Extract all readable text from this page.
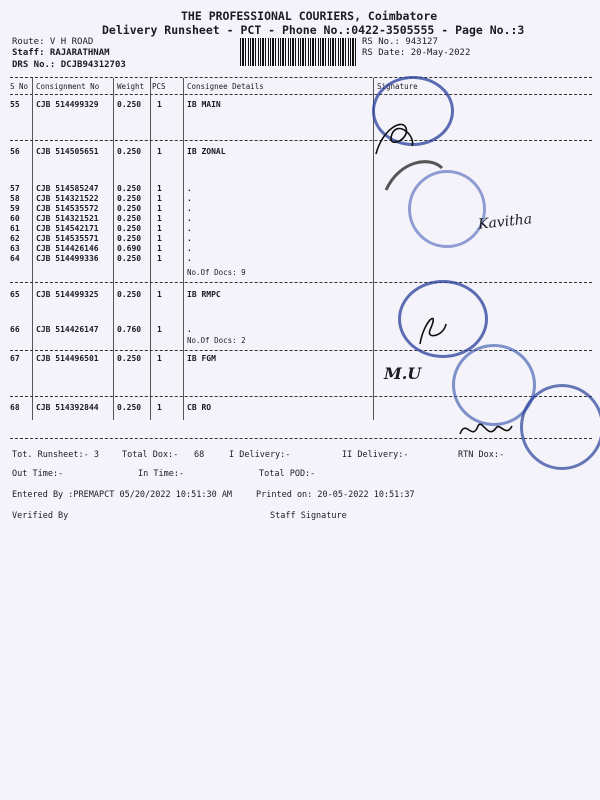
THE PROFESSIONAL COURIERS, Coimbatore
Delivery Runsheet - PCT - Phone No.:0422-3505555 - Page No.:3
Route: V H ROAD
Staff: RAJARATHNAM
DRS No.: DCJB94312703
RS No.: 943127
RS Date: 20-May-2022
S No Consignment No Weight PCS	Consignee Details	Signature
55 CJB 514499329 0.250 1	IB MAIN
56 CJB 514505651 0.250 1	IB ZONAL
57 CJB 514585247 0.250 1	.
58 CJB 514321522 0.250 1	.
59 CJB 514535572 0.250 1	.
60 CJB 514321521 0.250 1	.
61 CJB 514542171 0.250 1	.
62 CJB 514535571 0.250 1	.
63 CJB 514426146 0.690 1	.
64 CJB 514499336 0.250 1	.
No.Of Docs: 9
65 CJB 514499325 0.250 1	IB RMPC
66 CJB 514426147 0.760 1	.
No.Of Docs: 2
67 CJB 514496501 0.250 1	IB FGM
68 CJB 514392844 0.250 1	CB RO
Kavitha
M.U
Tot. Runsheet:- 3	Total Dox:- 68	I Delivery:-	II Delivery:-	RTN Dox:-
Out Time:-	In Time:-	Total POD:-
Entered By :PREMAPCT 05/20/2022 10:51:30 AM	Printed on: 20-05-2022 10:51:37
Verified By	Staff Signature
